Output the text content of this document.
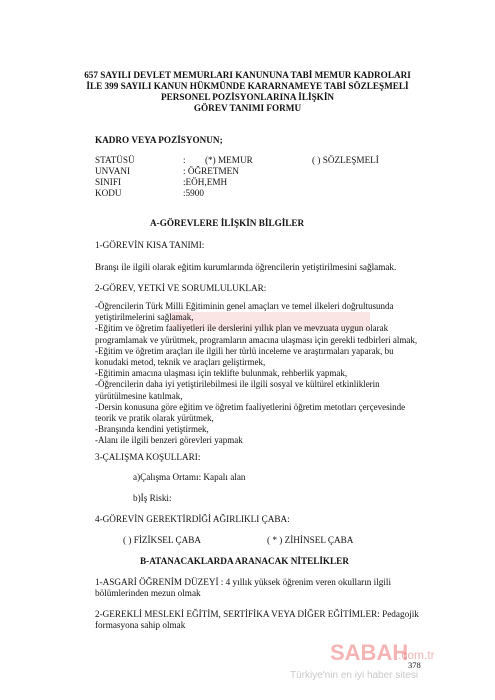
657 SAYILI DEVLET MEMURLARI KANUNUNA TABİ MEMUR KADROLARI
İLE 399 SAYILI KANUN HÜKMÜNDE KARARNAMEYE TABİ SÖZLEŞMELİ
PERSONEL POZİSYONLARINA İLİŞKİN
GÖREV TANIMI FORMU
KADRO VEYA POZİSYONUN;
STATÜSÜ	: (*) MEMUR	( ) SÖZLEŞMELİ
UNVANI	: ÖĞRETMEN
SINIFI	:EÖH,EMH
KODU	:5900
A-GÖREVLERE İLİŞKİN BİLGİLER
1-GÖREVİN KISA TANIMI:
Branşı ile ilgili olarak eğitim kurumlarında öğrencilerin yetiştirilmesini sağlamak.
2-GÖREV, YETKİ VE SORUMLULUKLAR:
-Öğrencilerin Türk Milli Eğitiminin genel amaçları ve temel ilkeleri doğrultusunda
yetiştirilmelerini sağlamak,
-Eğitim ve öğretim faaliyetleri ile derslerini yıllık plan ve mevzuata uygun olarak
programlamak ve yürütmek, programların amacına ulaşması için gerekli tedbirleri almak,
-Eğitim ve öğretim araçları ile ilgili her türlü inceleme ve araştırmaları yaparak, bu
konudaki metod, teknik ve araçları geliştirmek,
-Eğitimin amacına ulaşması için teklifte bulunmak, rehberlik yapmak,
-Öğrencilerin daha iyi yetiştirilebilmesi ile ilgili sosyal ve kültürel etkinliklerin
yürütülmesine katılmak,
-Dersin konusuna göre eğitim ve öğretim faaliyetlerini öğretim metotları çerçevesinde
teorik ve pratik olarak yürütmek,
-Branşında kendini yetiştirmek,
-Alanı ile ilgili benzeri görevleri yapmak
3-ÇALIŞMA KOŞULLARI:
a)Çalışma Ortamı: Kapalı alan
b)İş Riski:
4-GÖREVİN GEREKTİRDİĞİ AĞIRLIKLI ÇABA:
( ) FİZİKSEL ÇABA	( * ) ZİHİNSEL ÇABA
B-ATANACAKLARDA ARANACAK NİTELİKLER
1-ASGARİ ÖĞRENİM DÜZEYİ : 4 yıllık yüksek öğrenim veren okulların ilgili
bölümlerinden mezun olmak
2-GEREKLİ MESLEKİ EĞİTİM, SERTİFİKA VEYA DİĞER EĞİTİMLER: Pedagojik
formasyona sahip olmak
378
SABAH
.com.tr
Türkiye'nin en iyi haber sitesi
